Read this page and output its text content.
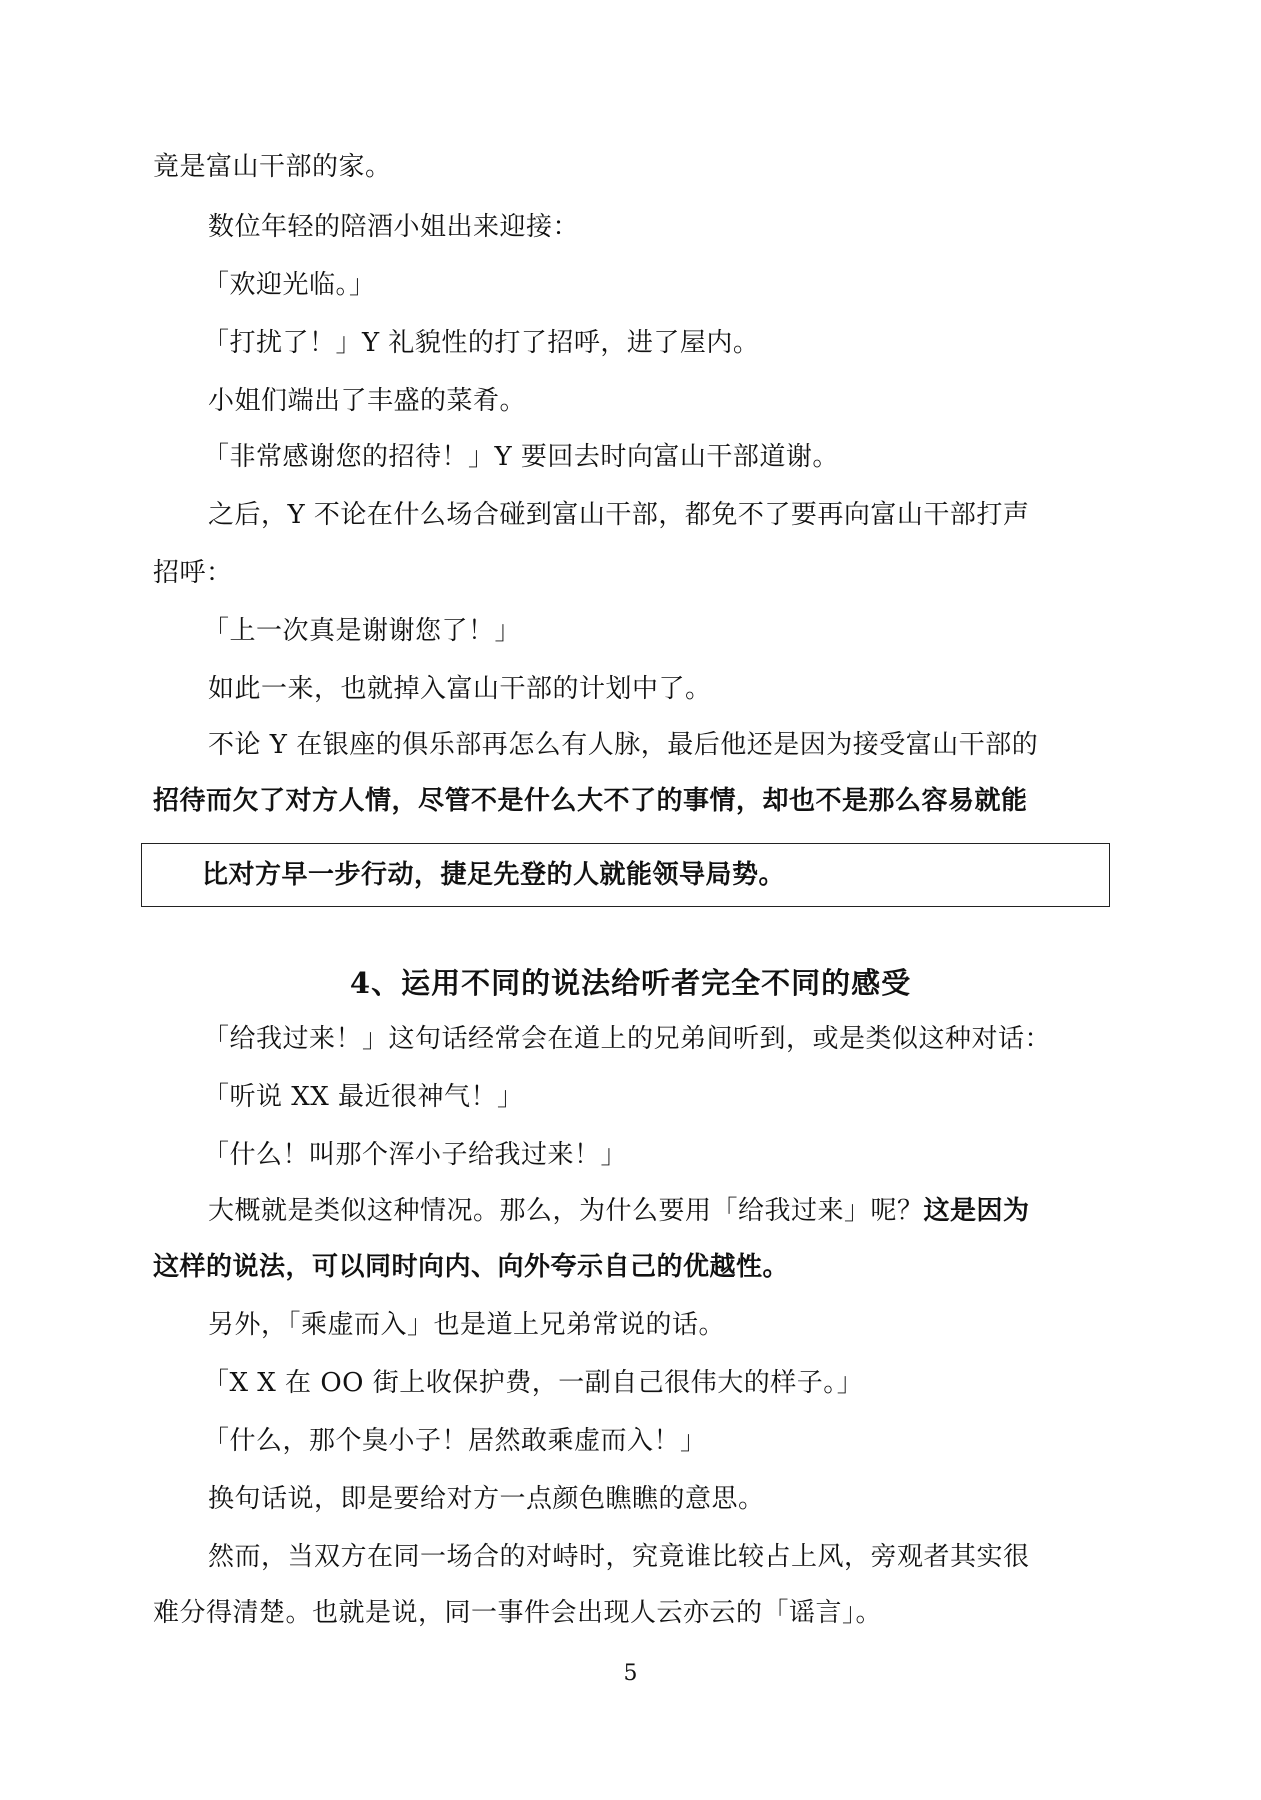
竟是富山干部的家。
数位年轻的陪酒小姐出来迎接：
「欢迎光临。」
「打扰了！」Y 礼貌性的打了招呼，进了屋内。
小姐们端出了丰盛的菜肴。
「非常感谢您的招待！」Y 要回去时向富山干部道谢。
之后，Y 不论在什么场合碰到富山干部，都免不了要再向富山干部打声
招呼：
「上一次真是谢谢您了！」
如此一来，也就掉入富山干部的计划中了。
不论 Y 在银座的俱乐部再怎么有人脉，最后他还是因为接受富山干部的
招待而欠了对方人情，尽管不是什么大不了的事情，却也不是那么容易就能
比对方早一步行动，捷足先登的人就能领导局势。
4、运用不同的说法给听者完全不同的感受
「给我过来！」这句话经常会在道上的兄弟间听到，或是类似这种对话：
「听说 XX 最近很神气！」
「什么！叫那个浑小子给我过来！」
大概就是类似这种情况。那么，为什么要用「给我过来」呢？这是因为
这样的说法，可以同时向内、向外夸示自己的优越性。
另外，「乘虚而入」也是道上兄弟常说的话。
「X X 在 OO 街上收保护费，一副自己很伟大的样子。」
「什么，那个臭小子！居然敢乘虚而入！」
换句话说，即是要给对方一点颜色瞧瞧的意思。
然而，当双方在同一场合的对峙时，究竟谁比较占上风，旁观者其实很
难分得清楚。也就是说，同一事件会出现人云亦云的「谣言」。
5
